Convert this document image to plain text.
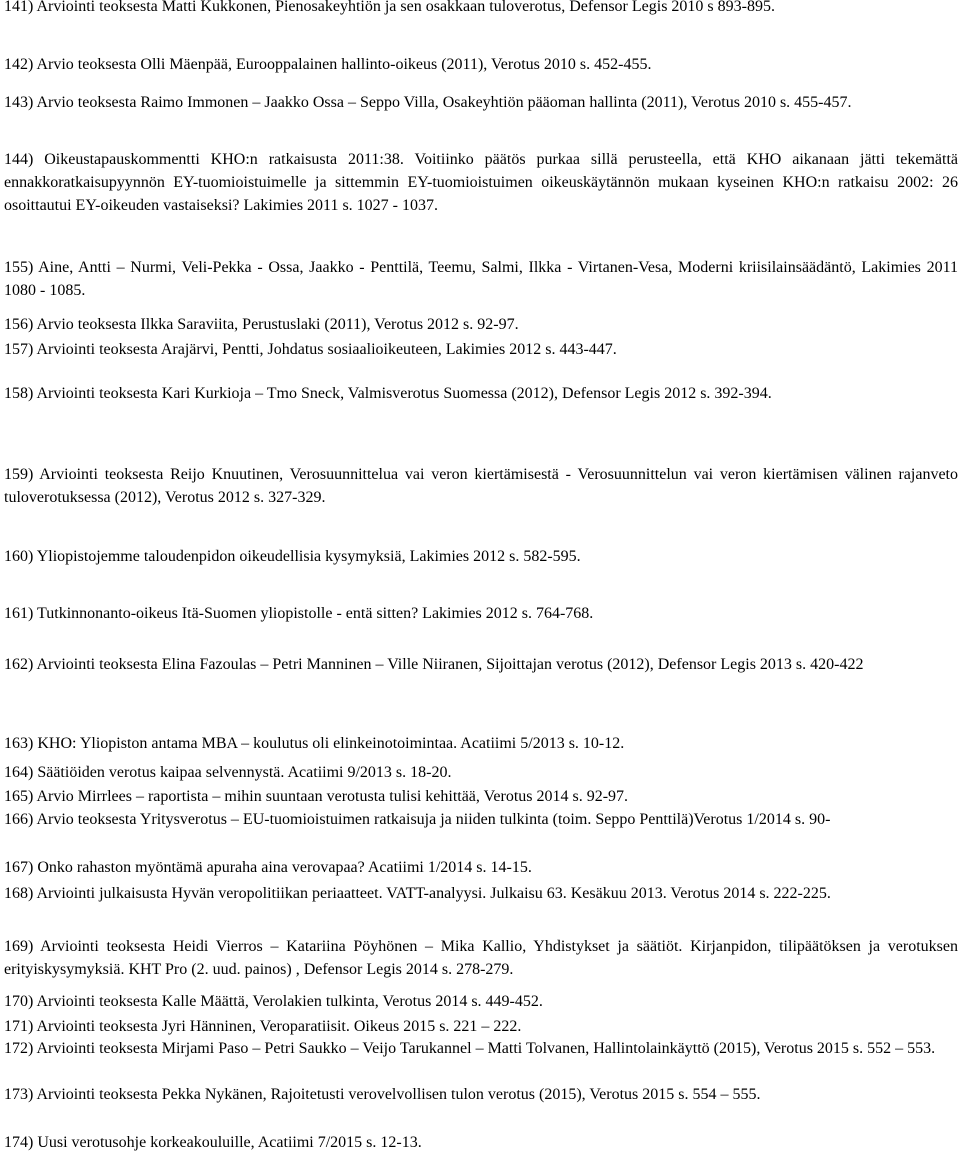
141) Arviointi teoksesta Matti Kukkonen, Pienosakeyhtiön ja sen osakkaan tuloverotus, Defensor Legis 2010 s 893-895.

142) Arvio teoksesta Olli Mäenpää, Eurooppalainen hallinto-oikeus (2011), Verotus 2010 s. 452-455.

143) Arvio teoksesta Raimo Immonen – Jaakko Ossa – Seppo Villa, Osakeyhtiön pääoman hallinta (2011), Verotus 2010 s. 455-457.

144) Oikeustapauskommentti KHO:n ratkaisusta 2011:38. Voitiinko päätös purkaa sillä perusteella, että KHO aikanaan jätti tekemättä ennakkoratkaisupyynnön EY-tuomioistuimelle ja sittemmin EY-tuomioistuimen oikeuskäytännön mukaan kyseinen KHO:n ratkaisu 2002: 26 osoittautui EY-oikeuden vastaiseksi? Lakimies 2011 s. 1027 - 1037.

155) Aine, Antti – Nurmi, Veli-Pekka - Ossa, Jaakko - Penttilä, Teemu, Salmi, Ilkka - Virtanen-Vesa, Moderni kriisilainsäädäntö, Lakimies 2011 1080 - 1085.

156) Arvio teoksesta Ilkka Saraviita, Perustuslaki (2011), Verotus 2012 s. 92-97.

157) Arviointi teoksesta Arajärvi, Pentti, Johdatus sosiaalioikeuteen, Lakimies 2012 s. 443-447.

158) Arviointi teoksesta Kari Kurkioja – Tmo Sneck, Valmisverotus Suomessa (2012), Defensor Legis 2012 s. 392-394.

159) Arviointi teoksesta Reijo Knuutinen, Verosuunnittelua vai veron kiertämisestä - Verosuunnittelun vai veron kiertämisen välinen rajanveto tuloverotuksessa (2012), Verotus 2012 s. 327-329.

160) Yliopistojemme taloudenpidon oikeudellisia kysymyksiä, Lakimies 2012 s. 582-595.

161) Tutkinnonanto-oikeus Itä-Suomen yliopistolle - entä sitten? Lakimies 2012 s. 764-768.

162) Arviointi teoksesta Elina Fazoulas – Petri Manninen – Ville Niiranen, Sijoittajan verotus (2012), Defensor Legis 2013 s. 420-422

163) KHO: Yliopiston antama MBA – koulutus oli elinkeinotoimintaa. Acatiimi 5/2013 s. 10-12.

164) Säätiöiden verotus kaipaa selvennystä. Acatiimi 9/2013 s. 18-20.

165) Arvio Mirrlees – raportista – mihin suuntaan verotusta tulisi kehittää, Verotus 2014 s. 92-97.

166) Arvio teoksesta Yritysverotus – EU-tuomioistuimen ratkaisuja ja niiden tulkinta (toim. Seppo Penttilä)Verotus 1/2014 s. 90-

167) Onko rahaston myöntämä apuraha aina verovapaa? Acatiimi 1/2014 s. 14-15.

168) Arviointi julkaisusta Hyvän veropolitiikan periaatteet. VATT-analyysi. Julkaisu 63. Kesäkuu 2013. Verotus 2014 s. 222-225.

169) Arviointi teoksesta Heidi Vierros – Katariina Pöyhönen – Mika Kallio, Yhdistykset ja säätiöt. Kirjanpidon, tilipäätöksen ja verotuksen erityiskysymyksiä. KHT Pro (2. uud. painos) , Defensor Legis 2014 s. 278-279.

170) Arviointi teoksesta Kalle Määttä, Verolakien tulkinta, Verotus 2014 s. 449-452.

171) Arviointi teoksesta Jyri Hänninen, Veroparatiisit. Oikeus 2015 s. 221 – 222.

172) Arviointi teoksesta Mirjami Paso – Petri Saukko – Veijo Tarukannel – Matti Tolvanen, Hallintolainkäyttö (2015), Verotus 2015 s. 552 – 553.

173) Arviointi teoksesta Pekka Nykänen, Rajoitetusti verovelvollisen tulon verotus (2015), Verotus 2015 s. 554 – 555.

174) Uusi verotusohje korkeakouluille, Acatiimi 7/2015 s. 12-13.
